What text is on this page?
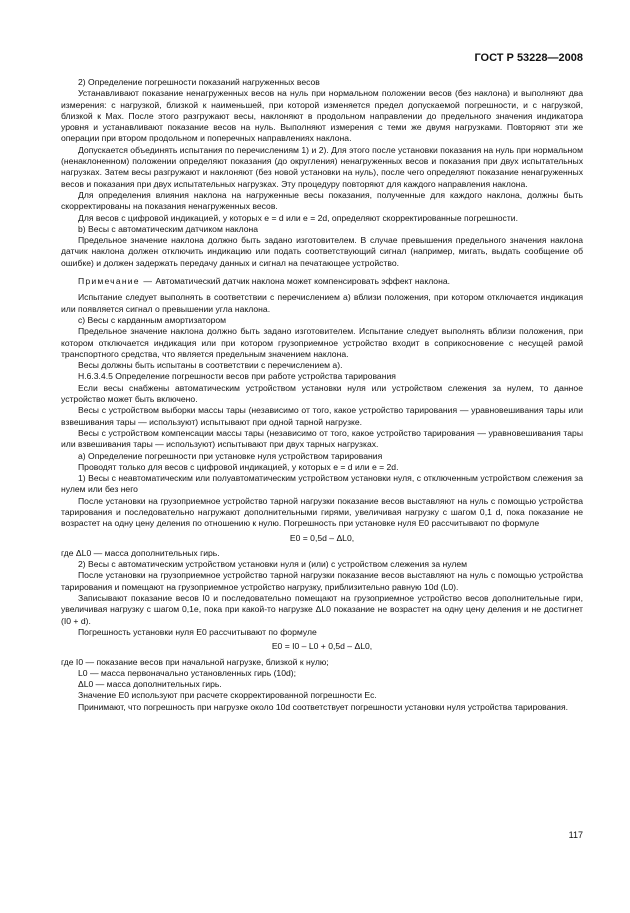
ГОСТ Р 53228—2008

2) Определение погрешности показаний нагруженных весов

Устанавливают показание ненагруженных весов на нуль при нормальном положении весов (без наклона) и выполняют два измерения: с нагрузкой, близкой к наименьшей, при которой изменяется предел допускаемой погрешности, и с нагрузкой, близкой к Max. После этого разгружают весы, наклоняют в продольном направлении до предельного значения индикатора уровня и устанавливают показание весов на нуль. Выполняют измерения с теми же двумя нагрузками. Повторяют эти же операции при втором продольном и поперечных направлениях наклона.

Допускается объединять испытания по перечислениям 1) и 2). Для этого после установки показания на нуль при нормальном (ненаклоненном) положении определяют показания (до округления) ненагруженных весов и показания при двух испытательных нагрузках. Затем весы разгружают и наклоняют (без новой установки на нуль), после чего определяют показание ненагруженных весов и показания при двух испытательных нагрузках. Эту процедуру повторяют для каждого направления наклона.

Для определения влияния наклона на нагруженные весы показания, полученные для каждого наклона, должны быть скорректированы на показания ненагруженных весов.

Для весов с цифровой индикацией, у которых e = d или e = 2d, определяют скорректированные погрешности.

b) Весы с автоматическим датчиком наклона

Предельное значение наклона должно быть задано изготовителем. В случае превышения предельного значения наклона датчик наклона должен отключить индикацию или подать соответствующий сигнал (например, мигать, выдать сообщение об ошибке) и должен задержать передачу данных и сигнал на печатающее устройство.

Примечание — Автоматический датчик наклона может компенсировать эффект наклона.

Испытание следует выполнять в соответствии с перечислением a) вблизи положения, при котором отключается индикация или появляется сигнал о превышении угла наклона.

c) Весы с карданным амортизатором

Предельное значение наклона должно быть задано изготовителем. Испытание следует выполнять вблизи положения, при котором отключается индикация или при котором грузоприемное устройство входит в соприкосновение с несущей рамой транспортного средства, что является предельным значением наклона.

Весы должны быть испытаны в соответствии с перечислением a).

Н.6.3.4.5 Определение погрешности весов при работе устройства тарирования

Если весы снабжены автоматическим устройством установки нуля или устройством слежения за нулем, то данное устройство может быть включено.

Весы с устройством выборки массы тары (независимо от того, какое устройство тарирования — уравновешивания тары или взвешивания тары — используют) испытывают при одной тарной нагрузке.

Весы с устройством компенсации массы тары (независимо от того, какое устройство тарирования — уравновешивания тары или взвешивания тары — используют) испытывают при двух тарных нагрузках.

a) Определение погрешности при установке нуля устройством тарирования

Проводят только для весов с цифровой индикацией, у которых e = d или e = 2d.

1) Весы с неавтоматическим или полуавтоматическим устройством установки нуля, с отключенным устройством слежения за нулем или без него

После установки на грузоприемное устройство тарной нагрузки показание весов выставляют на нуль с помощью устройства тарирования и последовательно нагружают дополнительными гирями, увеличивая нагрузку с шагом 0,1 d, пока показание не возрастет на одну цену деления по отношению к нулю. Погрешность при установке нуля E0 рассчитывают по формуле

E0 = 0,5d – ΔL0,

где ΔL0 — масса дополнительных гирь.

2) Весы с автоматическим устройством установки нуля и (или) с устройством слежения за нулем

После установки на грузоприемное устройство тарной нагрузки показание весов выставляют на нуль с помощью устройства тарирования и помещают на грузоприемное устройство нагрузку, приблизительно равную 10d (L0).

Записывают показание весов I0 и последовательно помещают на грузоприемное устройство весов дополнительные гири, увеличивая нагрузку с шагом 0,1e, пока при какой-то нагрузке ΔL0 показание не возрастет на одну цену деления и не достигнет (I0 + d).

Погрешность установки нуля E0 рассчитывают по формуле

E0 = I0 – L0 + 0,5d – ΔL0,

где I0 — показание весов при начальной нагрузке, близкой к нулю;

L0 — масса первоначально установленных гирь (10d);

ΔL0 — масса дополнительных гирь.

Значение E0 используют при расчете скорректированной погрешности Ec.

Принимают, что погрешность при нагрузке около 10d соответствует погрешности установки нуля устройства тарирования.

117
